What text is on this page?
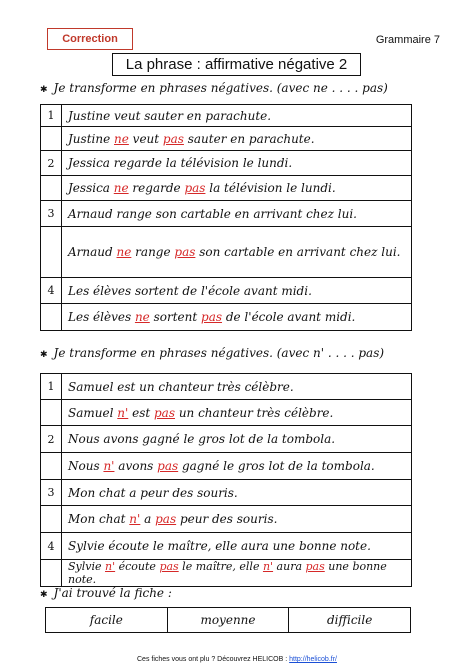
Correction	Grammaire 7
La phrase : affirmative négative 2
✱ Je transforme en phrases négatives. (avec ne . . . . pas)
1	Justine veut sauter en parachute.
	Justine ne veut pas sauter en parachute.
2	Jessica regarde la télévision le lundi.
	Jessica ne regarde pas la télévision le lundi.
3	Arnaud range son cartable en arrivant chez lui.
	Arnaud ne range pas son cartable en arrivant chez lui.
4	Les élèves sortent de l'école avant midi.
	Les élèves ne sortent pas de l'école avant midi.
✱ Je transforme en phrases négatives. (avec n' . . . . pas)
1	Samuel est un chanteur très célèbre.
	Samuel n' est pas un chanteur très célèbre.
2	Nous avons gagné le gros lot de la tombola.
	Nous n' avons pas gagné le gros lot de la tombola.
3	Mon chat a peur des souris.
	Mon chat n' a pas peur des souris.
4	Sylvie écoute le maître, elle aura une bonne note.
	Sylvie n' écoute pas le maître, elle n' aura pas une bonne note.
✱ J'ai trouvé la fiche :
facile	moyenne	difficile
Ces fiches vous ont plu ? Découvrez HELICOB : http://helicob.fr/
